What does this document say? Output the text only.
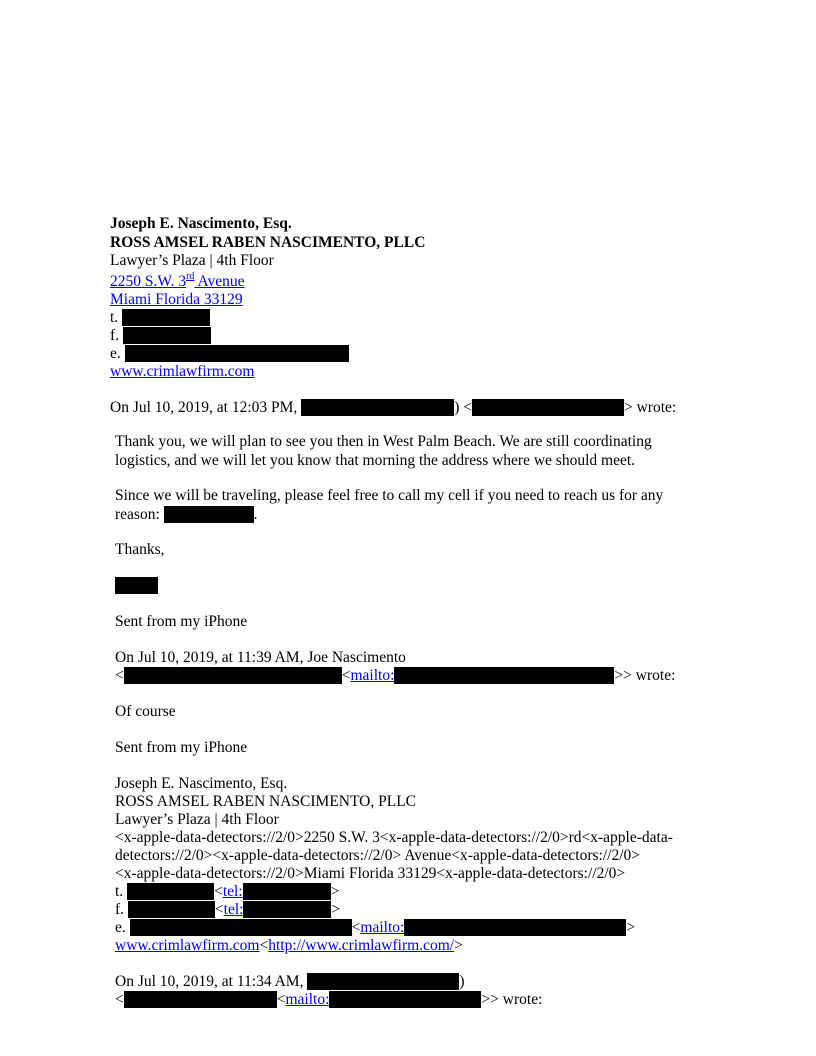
Joseph E. Nascimento, Esq.
ROSS AMSEL RABEN NASCIMENTO, PLLC
Lawyer’s Plaza | 4th Floor
2250 S.W. 3rd Avenue
Miami Florida 33129
t.
f.
e.
www.crimlawfirm.com
On Jul 10, 2019, at 12:03 PM,	) <	> wrote:
Thank you, we will plan to see you then in West Palm Beach. We are still coordinating
logistics, and we will let you know that morning the address where we should meet.
Since we will be traveling, please feel free to call my cell if you need to reach us for any
reason:	.
Thanks,
Sent from my iPhone
On Jul 10, 2019, at 11:39 AM, Joe Nascimento
<	<mailto:	>> wrote:
Of course
Sent from my iPhone
Joseph E. Nascimento, Esq.
ROSS AMSEL RABEN NASCIMENTO, PLLC
Lawyer’s Plaza | 4th Floor
<x-apple-data-detectors://2/0>2250 S.W. 3<x-apple-data-detectors://2/0>rd<x-apple-data-
detectors://2/0><x-apple-data-detectors://2/0> Avenue<x-apple-data-detectors://2/0>
<x-apple-data-detectors://2/0>Miami Florida 33129<x-apple-data-detectors://2/0>
t.	<tel:	>
f.	<tel:	>
e.	<mailto:	>
www.crimlawfirm.com<http://www.crimlawfirm.com/>
On Jul 10, 2019, at 11:34 AM,	)
<	<mailto:	>> wrote:
